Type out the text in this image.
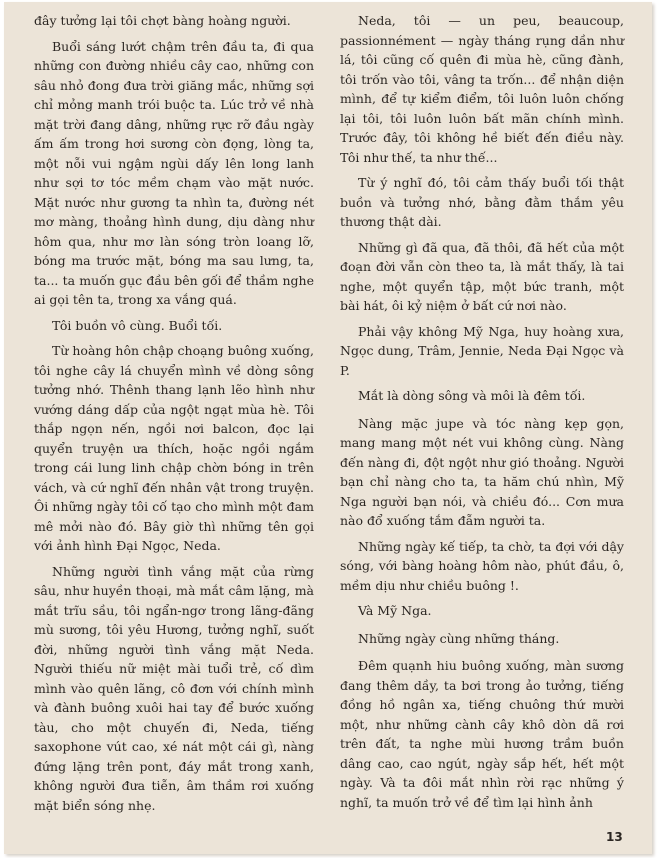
đây tưởng lại tôi chợt bàng hoàng người.

Buổi sáng lướt chậm trên đầu ta, đi qua những con đường nhiều cây cao, những con sâu nhỏ đong đưa trời giăng mắc, những sợi chỉ mỏng manh trói buộc ta. Lúc trở về nhà mặt trời đang dâng, những rực rỡ đầu ngày ấm ấm trong hơi sương còn đọng, lòng ta, một nỗi vui ngậm ngùi dấy lên long lanh như sợi tơ tóc mềm chạm vào mặt nước. Mặt nước như gương ta nhìn ta, đường nét mơ màng, thoảng hình dung, dịu dàng như hôm qua, như mơ làn sóng tròn loang lỡ, bóng ma trước mặt, bóng ma sau lưng, ta, ta... ta muốn gục đầu bên gối để thầm nghe ai gọi tên ta, trong xa vắng quá.

Tôi buồn vô cùng. Buổi tối.

Từ hoàng hôn chập choạng buông xuống, tôi nghe cây lá chuyển mình về dòng sông tưởng nhớ. Thênh thang lạnh lẽo hình như vướng dáng dấp của ngột ngạt mùa hè. Tôi thắp ngọn nến, ngồi nơi balcon, đọc lại quyển truyện ưa thích, hoặc ngồi ngắm trong cái lung linh chập chờn bóng in trên vách, và cứ nghĩ đến nhân vật trong truyện. Ôi những ngày tôi cố tạo cho mình một đam mê mởi nào đó. Bây giờ thì những tên gọi với ảnh hình Đại Ngọc, Neda.

Những người tình vắng mặt của rừng sâu, như huyền thoại, mà mắt câm lặng, mà mắt trĩu sầu, tôi ngẩn-ngơ trong lãng-đãng mù sương, tôi yêu Hương, tưởng nghĩ, suốt đời, những người tình vắng mặt Neda. Người thiếu nữ miệt mài tuổi trẻ, cố dìm mình vào quên lãng, cô đơn với chính mình và đành buông xuôi hai tay để bước xuống tàu, cho một chuyến đi, Neda, tiếng saxophone vút cao, xé nát một cái gì, nàng đứng lặng trên pont, đáy mắt trong xanh, không người đưa tiễn, âm thầm rơi xuống mặt biển sóng nhẹ.

Neda, tôi — un peu, beaucoup, passionnément — ngày tháng rụng dần như lá, tôi cũng cố quên đi mùa hè, cũng đành, tôi trốn vào tôi, vâng ta trốn... để nhận diện mình, để tự kiểm điểm, tôi luôn luôn chống lại tôi, tôi luôn luôn bất mãn chính mình. Trước đây, tôi không hề biết đến điều này. Tôi như thế, ta như thế...

Từ ý nghĩ đó, tôi cảm thấy buổi tối thật buồn và tưởng nhớ, bằng đằm thắm yêu thương thật dài.

Những gì đã qua, đã thôi, đã hết của một đoạn đời vẫn còn theo ta, là mắt thấy, là tai nghe, một quyển tập, một bức tranh, một bài hát, ôi kỷ niệm ở bất cứ nơi nào.

Phải vậy không Mỹ Nga, huy hoàng xưa, Ngọc dung, Trâm, Jennie, Neda Đại Ngọc và P.

Mắt là dòng sông và môi là đêm tối.

Nàng mặc jupe và tóc nàng kẹp gọn, mang mang một nét vui không cùng. Nàng đến nàng đi, đột ngột như gió thoảng. Người bạn chỉ nàng cho ta, ta hăm chú nhìn, Mỹ Nga người bạn nói, và chiều đó... Cơn mưa nào đổ xuống tắm đẫm người ta.

Những ngày kế tiếp, ta chờ, ta đợi với dậy sóng, với bàng hoàng hôm nào, phút đầu, ô, mềm dịu như chiều buông !.

Và Mỹ Nga.

Những ngày cùng những tháng.

Đêm quạnh hiu buông xuống, màn sương đang thêm dầy, ta bơi trong ảo tưởng, tiếng đồng hồ ngân xa, tiếng chuông thứ mười một, như những cành cây khô dòn dã rơi trên đất, ta nghe mùi hương trầm buồn dâng cao, cao ngút, ngày sắp hết, hết một ngày. Và ta đôi mắt nhìn rời rạc những ý nghĩ, ta muốn trở về để tìm lại hình ảnh

13
